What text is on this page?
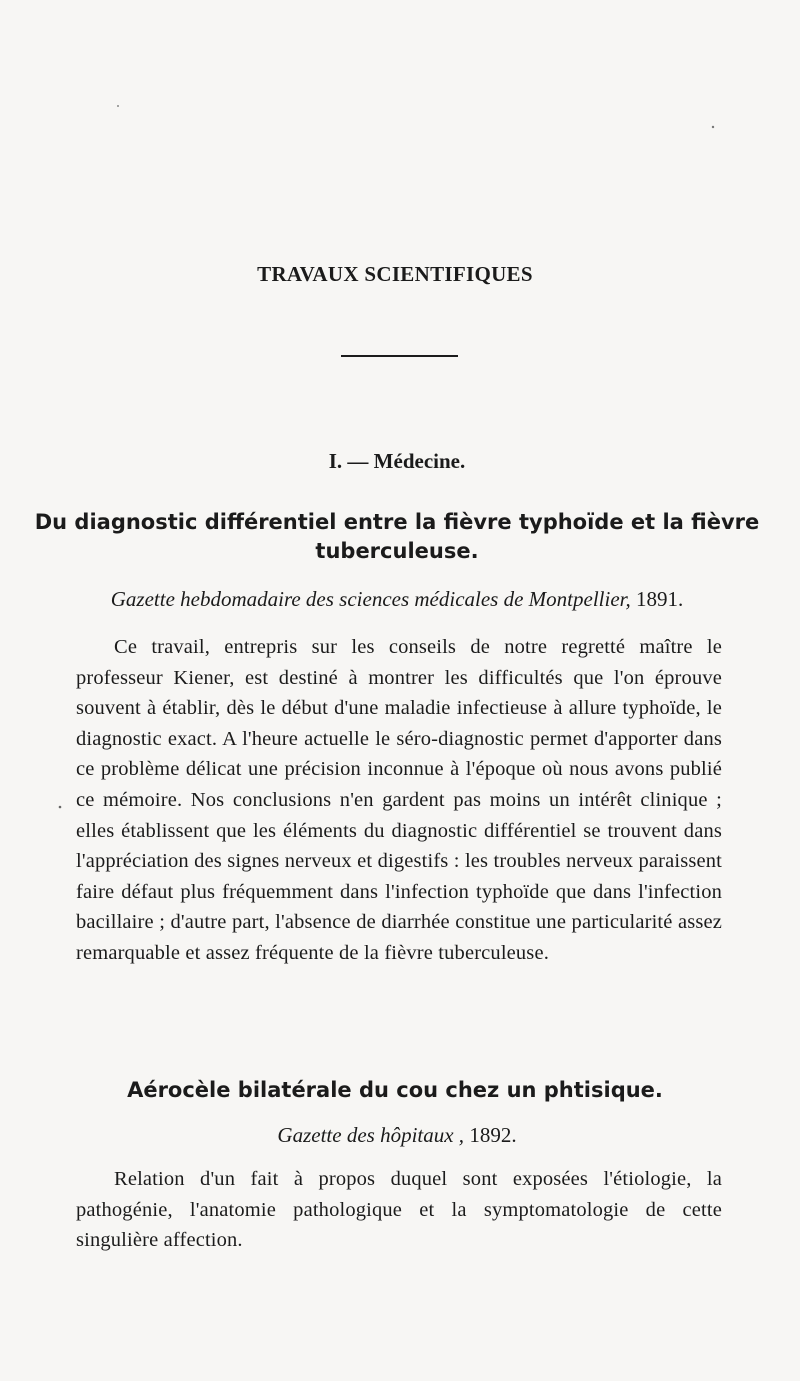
TRAVAUX SCIENTIFIQUES
I. — Médecine.
Du diagnostic différentiel entre la fièvre typhoïde et la fièvre tuberculeuse.
Gazette hebdomadaire des sciences médicales de Montpellier, 1891.

Ce travail, entrepris sur les conseils de notre regretté maître le professeur Kiener, est destiné à montrer les difficultés que l'on éprouve souvent à établir, dès le début d'une maladie infectieuse à allure typhoïde, le diagnostic exact. A l'heure actuelle le séro-diagnostic permet d'apporter dans ce problème délicat une précision inconnue à l'époque où nous avons publié ce mémoire. Nos conclusions n'en gardent pas moins un intérêt clinique ; elles établissent que les éléments du diagnostic différentiel se trouvent dans l'appréciation des signes nerveux et digestifs : les troubles nerveux paraissent faire défaut plus fréquemment dans l'infection typhoïde que dans l'infection bacillaire ; d'autre part, l'absence de diarrhée constitue une particularité assez remarquable et assez fréquente de la fièvre tuberculeuse.

Aérocèle bilatérale du cou chez un phtisique.
Gazette des hôpitaux , 1892.

Relation d'un fait à propos duquel sont exposées l'étiologie, la pathogénie, l'anatomie pathologique et la symptomatologie de cette singulière affection.
